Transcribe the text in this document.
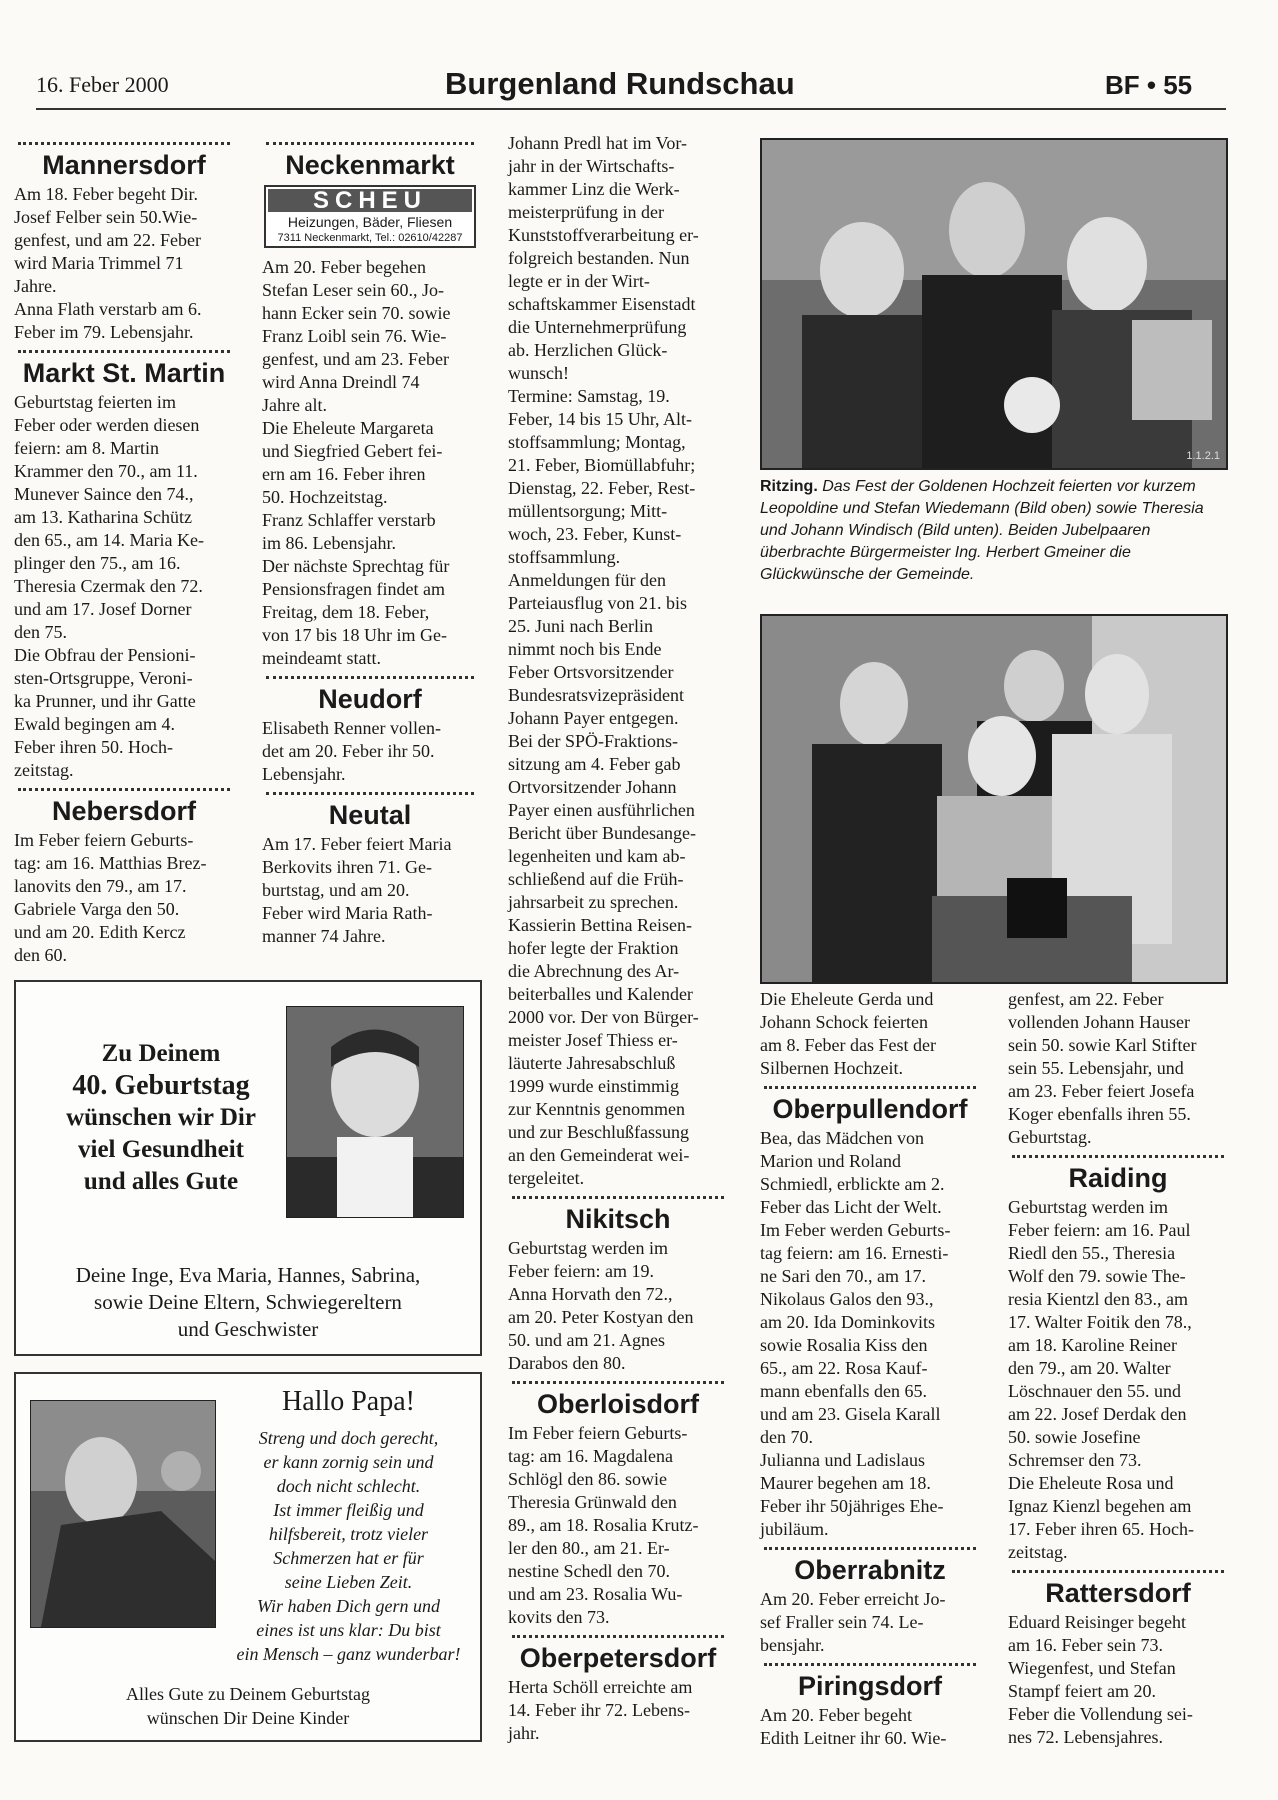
16. Feber 2000	Burgenland Rundschau	BF • 55
Mannersdorf

Am 18. Feber begeht Dir.
Josef Felber sein 50.Wie-
genfest, und am 22. Feber
wird Maria Trimmel 71
Jahre.
Anna Flath verstarb am 6.
Feber im 79. Lebensjahr.

Markt St. Martin

Geburtstag feierten im
Feber oder werden diesen
feiern: am 8. Martin
Krammer den 70., am 11.
Munever Saince den 74.,
am 13. Katharina Schütz
den 65., am 14. Maria Ke-
plinger den 75., am 16.
Theresia Czermak den 72.
und am 17. Josef Dorner
den 75.
Die Obfrau der Pensioni-
sten-Ortsgruppe, Veroni-
ka Prunner, und ihr Gatte
Ewald begingen am 4.
Feber ihren 50. Hoch-
zeitstag.

Nebersdorf

Im Feber feiern Geburts-
tag: am 16. Matthias Brez-
lanovits den 79., am 17.
Gabriele Varga den 50.
und am 20. Edith Kercz
den 60.

Neckenmarkt
SCHEU
Heizungen, Bäder, Fliesen
7311 Neckenmarkt, Tel.: 02610/42287

Am 20. Feber begehen
Stefan Leser sein 60., Jo-
hann Ecker sein 70. sowie
Franz Loibl sein 76. Wie-
genfest, und am 23. Feber
wird Anna Dreindl 74
Jahre alt.
Die Eheleute Margareta
und Siegfried Gebert fei-
ern am 16. Feber ihren
50. Hochzeitstag.
Franz Schlaffer verstarb
im 86. Lebensjahr.
Der nächste Sprechtag für
Pensionsfragen findet am
Freitag, dem 18. Feber,
von 17 bis 18 Uhr im Ge-
meindeamt statt.

Neudorf

Elisabeth Renner vollen-
det am 20. Feber ihr 50.
Lebensjahr.

Neutal

Am 17. Feber feiert Maria
Berkovits ihren 71. Ge-
burtstag, und am 20.
Feber wird Maria Rath-
manner 74 Jahre.

Johann Predl hat im Vor-
jahr in der Wirtschafts-
kammer Linz die Werk-
meisterprüfung in der
Kunststoffverarbeitung er-
folgreich bestanden. Nun
legte er in der Wirt-
schaftskammer Eisenstadt
die Unternehmerprüfung
ab. Herzlichen Glück-
wunsch!
Termine: Samstag, 19.
Feber, 14 bis 15 Uhr, Alt-
stoffsammlung; Montag,
21. Feber, Biomüllabfuhr;
Dienstag, 22. Feber, Rest-
müllentsorgung; Mitt-
woch, 23. Feber, Kunst-
stoffsammlung.
Anmeldungen für den
Parteiausflug von 21. bis
25. Juni nach Berlin
nimmt noch bis Ende
Feber Ortsvorsitzender
Bundesratsvizepräsident
Johann Payer entgegen.
Bei der SPÖ-Fraktions-
sitzung am 4. Feber gab
Ortvorsitzender Johann
Payer einen ausführlichen
Bericht über Bundesange-
legenheiten und kam ab-
schließend auf die Früh-
jahrsarbeit zu sprechen.
Kassierin Bettina Reisen-
hofer legte der Fraktion
die Abrechnung des Ar-
beiterballes und Kalender
2000 vor. Der von Bürger-
meister Josef Thiess er-
läuterte Jahresabschluß
1999 wurde einstimmig
zur Kenntnis genommen
und zur Beschlußfassung
an den Gemeinderat wei-
tergeleitet.

Nikitsch

Geburtstag werden im
Feber feiern: am 19.
Anna Horvath den 72.,
am 20. Peter Kostyan den
50. und am 21. Agnes
Darabos den 80.

Oberloisdorf

Im Feber feiern Geburts-
tag: am 16. Magdalena
Schlögl den 86. sowie
Theresia Grünwald den
89., am 18. Rosalia Krutz-
ler den 80., am 21. Er-
nestine Schedl den 70.
und am 23. Rosalia Wu-
kovits den 73.

Oberpetersdorf

Herta Schöll erreichte am
14. Feber ihr 72. Lebens-
jahr.

1.1.2.1
Ritzing. Das Fest der Goldenen Hochzeit feierten vor kurzem Leopoldine und Stefan Wiedemann (Bild oben) sowie Theresia und Johann Windisch (Bild unten). Beiden Jubelpaaren überbrachte Bürgermeister Ing. Herbert Gmeiner die Glückwünsche der Gemeinde.

Die Eheleute Gerda und
Johann Schock feierten
am 8. Feber das Fest der
Silbernen Hochzeit.

Oberpullendorf

Bea, das Mädchen von
Marion und Roland
Schmiedl, erblickte am 2.
Feber das Licht der Welt.
Im Feber werden Geburts-
tag feiern: am 16. Ernesti-
ne Sari den 70., am 17.
Nikolaus Galos den 93.,
am 20. Ida Dominkovits
sowie Rosalia Kiss den
65., am 22. Rosa Kauf-
mann ebenfalls den 65.
und am 23. Gisela Karall
den 70.
Julianna und Ladislaus
Maurer begehen am 18.
Feber ihr 50jähriges Ehe-
jubiläum.

Oberrabnitz

Am 20. Feber erreicht Jo-
sef Fraller sein 74. Le-
bensjahr.

Piringsdorf

Am 20. Feber begeht
Edith Leitner ihr 60. Wie-

genfest, am 22. Feber
vollenden Johann Hauser
sein 50. sowie Karl Stifter
sein 55. Lebensjahr, und
am 23. Feber feiert Josefa
Koger ebenfalls ihren 55.
Geburtstag.

Raiding

Geburtstag werden im
Feber feiern: am 16. Paul
Riedl den 55., Theresia
Wolf den 79. sowie The-
resia Kientzl den 83., am
17. Walter Foitik den 78.,
am 18. Karoline Reiner
den 79., am 20. Walter
Löschnauer den 55. und
am 22. Josef Derdak den
50. sowie Josefine
Schremser den 73.
Die Eheleute Rosa und
Ignaz Kienzl begehen am
17. Feber ihren 65. Hoch-
zeitstag.

Rattersdorf

Eduard Reisinger begeht
am 16. Feber sein 73.
Wiegenfest, und Stefan
Stampf feiert am 20.
Feber die Vollendung sei-
nes 72. Lebensjahres.

Zu Deinem
40. Geburtstag
wünschen wir Dir
viel Gesundheit
und alles Gute
Deine Inge, Eva Maria, Hannes, Sabrina,
sowie Deine Eltern, Schwiegereltern
und Geschwister
Hallo Papa!
Streng und doch gerecht,
er kann zornig sein und
doch nicht schlecht.
Ist immer fleißig und
hilfsbereit, trotz vieler
Schmerzen hat er für
seine Lieben Zeit.
Wir haben Dich gern und
eines ist uns klar: Du bist
ein Mensch – ganz wunderbar!
Alles Gute zu Deinem Geburtstag
wünschen Dir Deine Kinder
